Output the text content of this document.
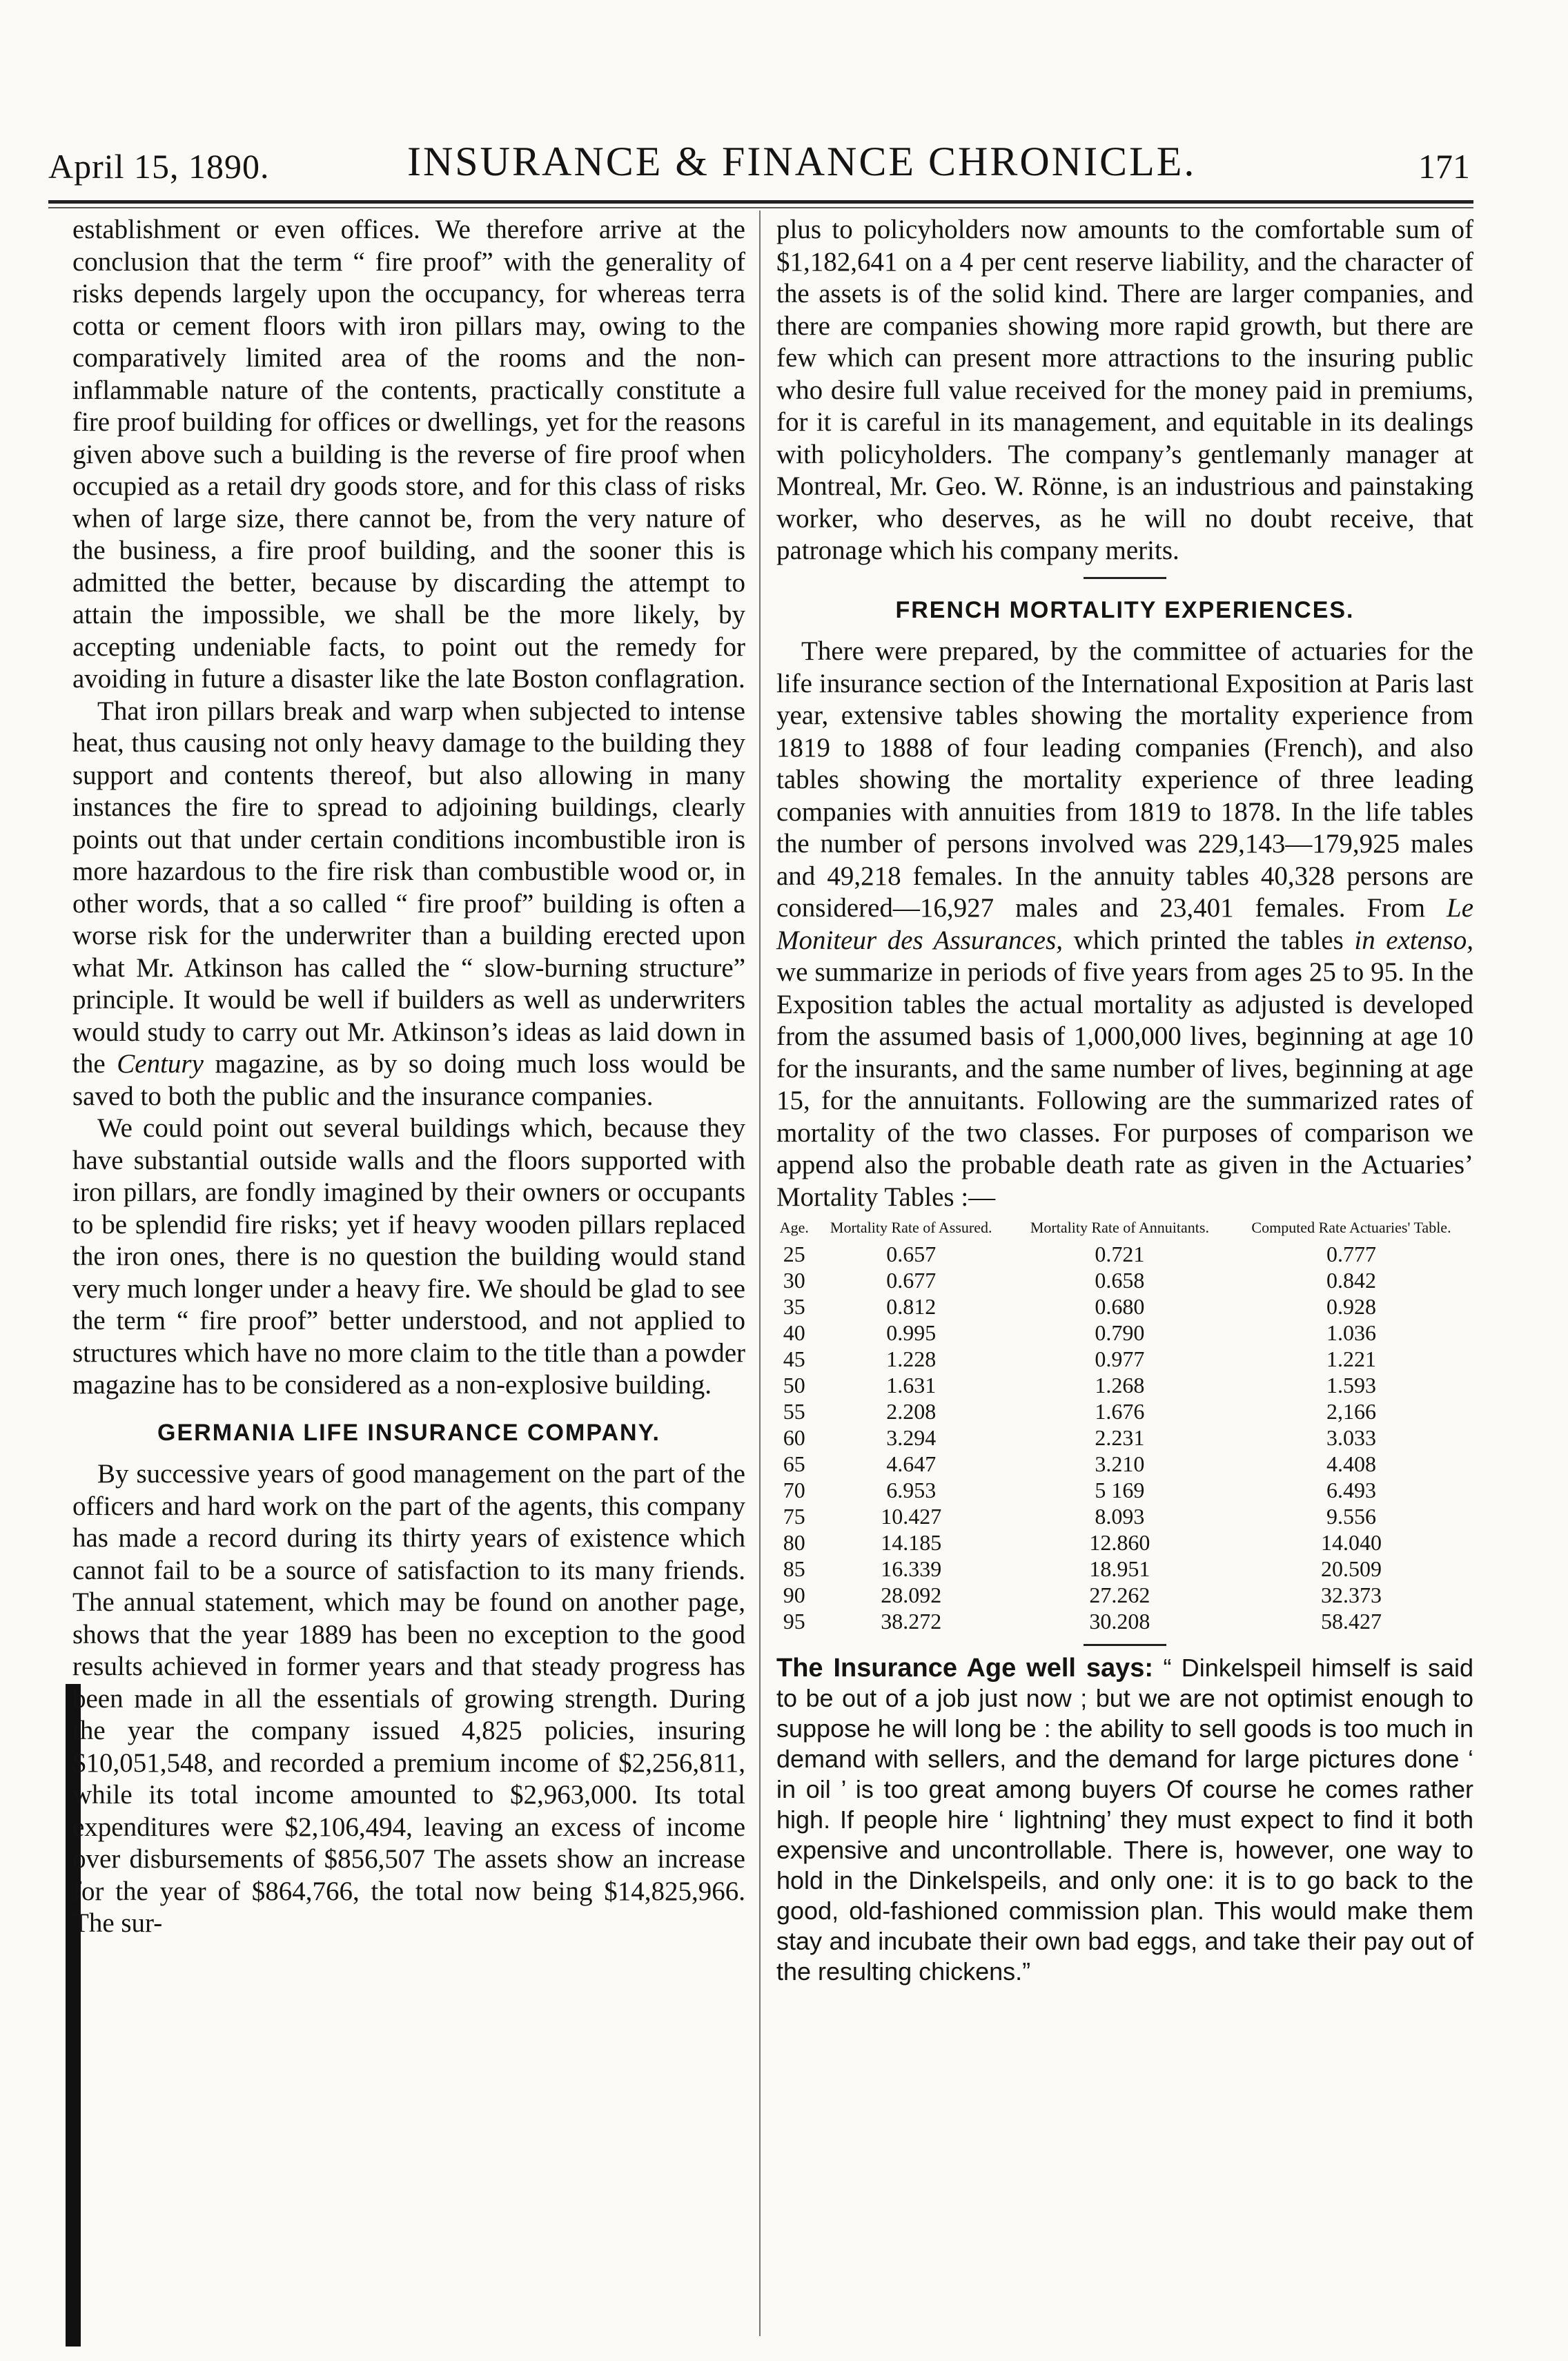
April 15, 1890.	INSURANCE & FINANCE CHRONICLE.	171

establishment or even offices. We therefore arrive at the conclusion that the term “ fire proof” with the generality of risks depends largely upon the occupancy, for whereas terra cotta or cement floors with iron pillars may, owing to the comparatively limited area of the rooms and the non-inflammable nature of the contents, practically constitute a fire proof building for offices or dwellings, yet for the reasons given above such a building is the reverse of fire proof when occupied as a retail dry goods store, and for this class of risks when of large size, there cannot be, from the very nature of the business, a fire proof building, and the sooner this is admitted the better, because by discarding the attempt to attain the impossible, we shall be the more likely, by accepting undeniable facts, to point out the remedy for avoiding in future a disaster like the late Boston conflagration.

That iron pillars break and warp when subjected to intense heat, thus causing not only heavy damage to the building they support and contents thereof, but also allowing in many instances the fire to spread to adjoining buildings, clearly points out that under certain conditions incombustible iron is more hazardous to the fire risk than combustible wood or, in other words, that a so called “ fire proof” building is often a worse risk for the underwriter than a building erected upon what Mr. Atkinson has called the “ slow-burning structure” principle. It would be well if builders as well as underwriters would study to carry out Mr. Atkinson’s ideas as laid down in the Century magazine, as by so doing much loss would be saved to both the public and the insurance companies.

We could point out several buildings which, because they have substantial outside walls and the floors supported with iron pillars, are fondly imagined by their owners or occupants to be splendid fire risks; yet if heavy wooden pillars replaced the iron ones, there is no question the building would stand very much longer under a heavy fire. We should be glad to see the term “ fire proof” better understood, and not applied to structures which have no more claim to the title than a powder magazine has to be considered as a non-explosive building.

GERMANIA LIFE INSURANCE COMPANY.

By successive years of good management on the part of the officers and hard work on the part of the agents, this company has made a record during its thirty years of existence which cannot fail to be a source of satisfaction to its many friends. The annual statement, which may be found on another page, shows that the year 1889 has been no exception to the good results achieved in former years and that steady progress has been made in all the essentials of growing strength. During the year the company issued 4,825 policies, insuring $10,051,548, and recorded a premium income of $2,256,811, while its total income amounted to $2,963,000. Its total expenditures were $2,106,494, leaving an excess of income over disbursements of $856,507 The assets show an increase for the year of $864,766, the total now being $14,825,966. The sur-

plus to policyholders now amounts to the comfortable sum of $1,182,641 on a 4 per cent reserve liability, and the character of the assets is of the solid kind. There are larger companies, and there are companies showing more rapid growth, but there are few which can present more attractions to the insuring public who desire full value received for the money paid in premiums, for it is careful in its management, and equitable in its dealings with policyholders. The company’s gentlemanly manager at Montreal, Mr. Geo. W. Rönne, is an industrious and painstaking worker, who deserves, as he will no doubt receive, that patronage which his company merits.

FRENCH MORTALITY EXPERIENCES.

There were prepared, by the committee of actuaries for the life insurance section of the International Exposition at Paris last year, extensive tables showing the mortality experience from 1819 to 1888 of four leading companies (French), and also tables showing the mortality experience of three leading companies with annuities from 1819 to 1878. In the life tables the number of persons involved was 229,143—179,925 males and 49,218 females. In the annuity tables 40,328 persons are considered—16,927 males and 23,401 females. From Le Moniteur des Assurances, which printed the tables in extenso, we summarize in periods of five years from ages 25 to 95. In the Exposition tables the actual mortality as adjusted is developed from the assumed basis of 1,000,000 lives, beginning at age 10 for the insurants, and the same number of lives, beginning at age 15, for the annuitants. Following are the summarized rates of mortality of the two classes. For purposes of comparison we append also the probable death rate as given in the Actuaries’ Mortality Tables :—

Age.	Mortality Rate of Assured.	Mortality Rate of Annuitants.	Computed Rate Actuaries' Table.
25	0.657	0.721	0.777
30	0.677	0.658	0.842
35	0.812	0.680	0.928
40	0.995	0.790	1.036
45	1.228	0.977	1.221
50	1.631	1.268	1.593
55	2.208	1.676	2,166
60	3.294	2.231	3.033
65	4.647	3.210	4.408
70	6.953	5 169	6.493
75	10.427	8.093	9.556
80	14.185	12.860	14.040
85	16.339	18.951	20.509
90	28.092	27.262	32.373
95	38.272	30.208	58.427
The Insurance Age well says: “ Dinkelspeil himself is said to be out of a job just now ; but we are not optimist enough to suppose he will long be : the ability to sell goods is too much in demand with sellers, and the demand for large pictures done ‘ in oil ’ is too great among buyers Of course he comes rather high. If people hire ‘ lightning’ they must expect to find it both expensive and uncontrollable. There is, however, one way to hold in the Dinkelspeils, and only one: it is to go back to the good, old-fashioned commission plan. This would make them stay and incubate their own bad eggs, and take their pay out of the resulting chickens.”
